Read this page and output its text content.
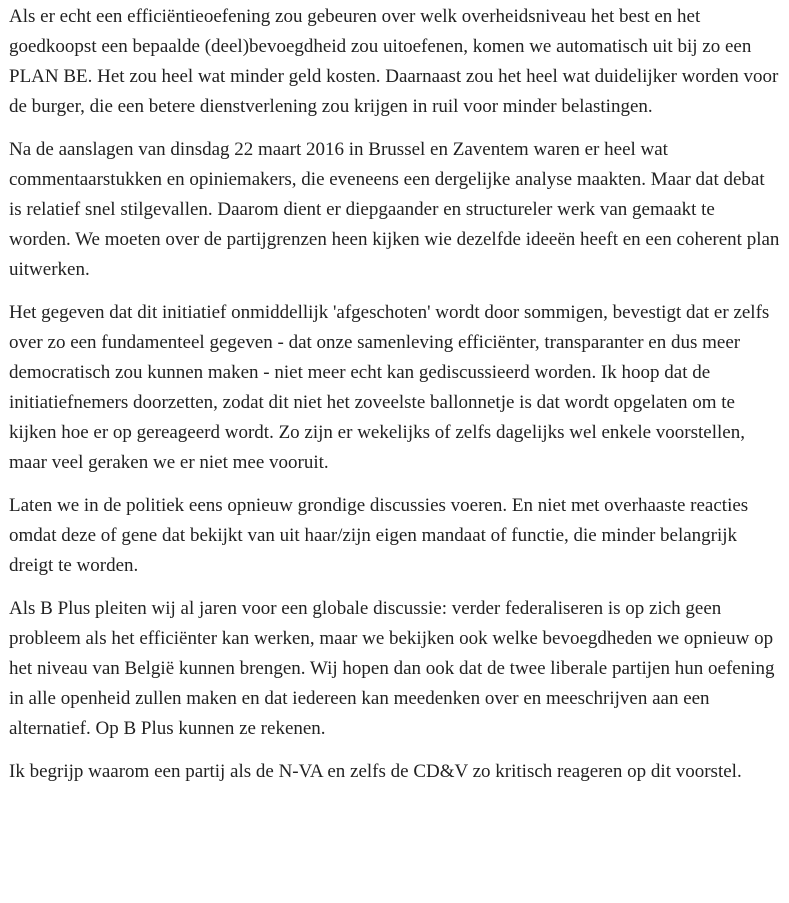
Als er echt een efficiëntieoefening zou gebeuren over welk overheidsniveau het best en het goedkoopst een bepaalde (deel)bevoegdheid zou uitoefenen, komen we automatisch uit bij zo een PLAN BE. Het zou heel wat minder geld kosten. Daarnaast zou het heel wat duidelijker worden voor de burger, die een betere dienstverlening zou krijgen in ruil voor minder belastingen.

Na de aanslagen van dinsdag 22 maart 2016 in Brussel en Zaventem waren er heel wat commentaarstukken en opiniemakers, die eveneens een dergelijke analyse maakten. Maar dat debat is relatief snel stilgevallen. Daarom dient er diepgaander en structureler werk van gemaakt te worden. We moeten over de partijgrenzen heen kijken wie dezelfde ideeën heeft en een coherent plan uitwerken.

Het gegeven dat dit initiatief onmiddellijk 'afgeschoten' wordt door sommigen, bevestigt dat er zelfs over zo een fundamenteel gegeven - dat onze samenleving efficiënter, transparanter en dus meer democratisch zou kunnen maken - niet meer echt kan gediscussieerd worden. Ik hoop dat de initiatiefnemers doorzetten, zodat dit niet het zoveelste ballonnetje is dat wordt opgelaten om te kijken hoe er op gereageerd wordt. Zo zijn er wekelijks of zelfs dagelijks wel enkele voorstellen, maar veel geraken we er niet mee vooruit.

Laten we in de politiek eens opnieuw grondige discussies voeren. En niet met overhaaste reacties omdat deze of gene dat bekijkt van uit haar/zijn eigen mandaat of functie, die minder belangrijk dreigt te worden.

Als B Plus pleiten wij al jaren voor een globale discussie: verder federaliseren is op zich geen probleem als het efficiënter kan werken, maar we bekijken ook welke bevoegdheden we opnieuw op het niveau van België kunnen brengen. Wij hopen dan ook dat de twee liberale partijen hun oefening in alle openheid zullen maken en dat iedereen kan meedenken over en meeschrijven aan een alternatief. Op B Plus kunnen ze rekenen.

Ik begrijp waarom een partij als de N-VA en zelfs de CD&V zo kritisch reageren op dit voorstel.
